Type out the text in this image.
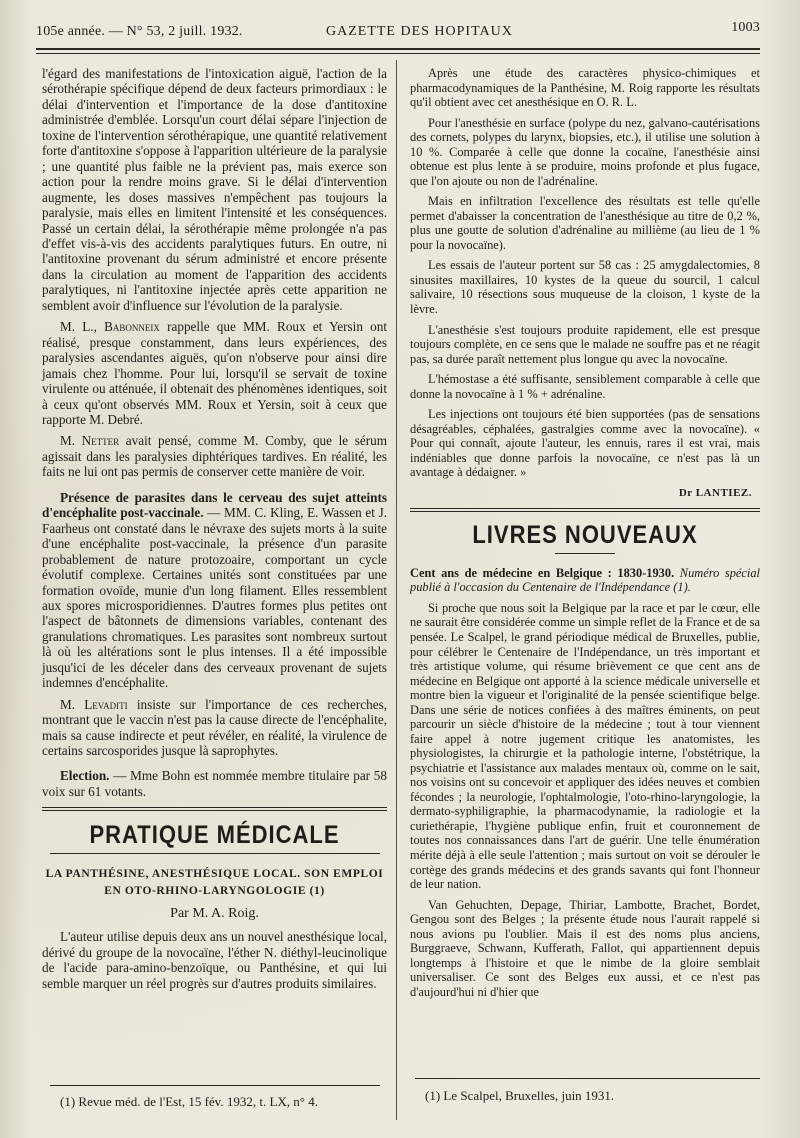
105e année. — N° 53, 2 juill. 1932.	GAZETTE DES HOPITAUX	1003

l'égard des manifestations de l'intoxication aiguë, l'action de la sérothérapie spécifique dépend de deux facteurs primordiaux : le délai d'intervention et l'importance de la dose d'antitoxine administrée d'emblée. Lorsqu'un court délai sépare l'injection de toxine de l'intervention sérothérapique, une quantité relativement forte d'antitoxine s'oppose à l'apparition ultérieure de la paralysie ; une quantité plus faible ne la prévient pas, mais exerce son action pour la rendre moins grave. Si le délai d'intervention augmente, les doses massives n'empêchent pas toujours la paralysie, mais elles en limitent l'intensité et les conséquences. Passé un certain délai, la sérothérapie même prolongée n'a pas d'effet vis-à-vis des accidents paralytiques futurs. En outre, ni l'antitoxine provenant du sérum administré et encore présente dans la circulation au moment de l'apparition des accidents paralytiques, ni l'antitoxine injectée après cette apparition ne semblent avoir d'influence sur l'évolution de la paralysie.

M. L., Babonneix rappelle que MM. Roux et Yersin ont réalisé, presque constamment, dans leurs expériences, des paralysies ascendantes aiguës, qu'on n'observe pour ainsi dire jamais chez l'homme. Pour lui, lorsqu'il se servait de toxine virulente ou atténuée, il obtenait des phénomènes identiques, soit à ceux qu'ont observés MM. Roux et Yersin, soit à ceux que rapporte M. Debré.

M. Netter avait pensé, comme M. Comby, que le sérum agissait dans les paralysies diphtériques tardives. En réalité, les faits ne lui ont pas permis de conserver cette manière de voir.

Présence de parasites dans le cerveau des sujet atteints d'encéphalite post-vaccinale. — MM. C. Kling, E. Wassen et J. Faarheus ont constaté dans le névraxe des sujets morts à la suite d'une encéphalite post-vaccinale, la présence d'un parasite probablement de nature protozoaire, comportant un cycle évolutif complexe. Certaines unités sont constituées par une formation ovoïde, munie d'un long filament. Elles ressemblent aux spores microsporidiennes. D'autres formes plus petites ont l'aspect de bâtonnets de dimensions variables, contenant des granulations chromatiques. Les parasites sont nombreux surtout là où les altérations sont le plus intenses. Il a été impossible jusqu'ici de les déceler dans des cerveaux provenant de sujets indemnes d'encéphalite.

M. Levaditi insiste sur l'importance de ces recherches, montrant que le vaccin n'est pas la cause directe de l'encéphalite, mais sa cause indirecte et peut révéler, en réalité, la virulence de certains sarcosporides jusque là saprophytes.

Election. — Mme Bohn est nommée membre titulaire par 58 voix sur 61 votants.

PRATIQUE MÉDICALE
LA PANTHÉSINE, ANESTHÉSIQUE LOCAL. SON EMPLOI
EN OTO-RHINO-LARYNGOLOGIE (1)
Par M. A. Roig.

L'auteur utilise depuis deux ans un nouvel anesthésique local, dérivé du groupe de la novocaïne, l'éther N. diéthyl-leucinolique de l'acide para-amino-benzoïque, ou Panthésine, et qui lui semble marquer un réel progrès sur d'autres produits similaires.

(1) Revue méd. de l'Est, 15 fév. 1932, t. LX, n° 4.

Après une étude des caractères physico-chimiques et pharmacodynamiques de la Panthésine, M. Roig rapporte les résultats qu'il obtient avec cet anesthésique en O. R. L.

Pour l'anesthésie en surface (polype du nez, galvano-cautérisations des cornets, polypes du larynx, biopsies, etc.), il utilise une solution à 10 %. Comparée à celle que donne la cocaïne, l'anesthésie ainsi obtenue est plus lente à se produire, moins profonde et plus fugace, que l'on ajoute ou non de l'adrénaline.

Mais en infiltration l'excellence des résultats est telle qu'elle permet d'abaisser la concentration de l'anesthésique au titre de 0,2 %, plus une goutte de solution d'adrénaline au millième (au lieu de 1 % pour la novocaïne).

Les essais de l'auteur portent sur 58 cas : 25 amygdalectomies, 8 sinusites maxillaires, 10 kystes de la queue du sourcil, 1 calcul salivaire, 10 résections sous muqueuse de la cloison, 1 kyste de la lèvre.

L'anesthésie s'est toujours produite rapidement, elle est presque toujours complète, en ce sens que le malade ne souffre pas et ne réagit pas, sa durée paraît nettement plus longue qu avec la novocaïne.

L'hémostase a été suffisante, sensiblement comparable à celle que donne la novocaïne à 1 % + adrénaline.

Les injections ont toujours été bien supportées (pas de sensations désagréables, céphalées, gastralgies comme avec la novocaïne). « Pour qui connaît, ajoute l'auteur, les ennuis, rares il est vrai, mais indéniables que donne parfois la novocaïne, ce n'est pas là un avantage à dédaigner. »

Dr LANTIEZ.
LIVRES NOUVEAUX

Cent ans de médecine en Belgique : 1830-1930. Numéro spécial publié à l'occasion du Centenaire de l'Indépendance (1).

Si proche que nous soit la Belgique par la race et par le cœur, elle ne saurait être considérée comme un simple reflet de la France et de sa pensée. Le Scalpel, le grand périodique médical de Bruxelles, publie, pour célébrer le Centenaire de l'Indépendance, un très important et très artistique volume, qui résume brièvement ce que cent ans de médecine en Belgique ont apporté à la science médicale universelle et montre bien la vigueur et l'originalité de la pensée scientifique belge. Dans une série de notices confiées à des maîtres éminents, on peut parcourir un siècle d'histoire de la médecine ; tout à tour viennent faire appel à notre jugement critique les anatomistes, les physiologistes, la chirurgie et la pathologie interne, l'obstétrique, la psychiatrie et l'assistance aux malades mentaux où, comme on le sait, nos voisins ont su concevoir et appliquer des idées neuves et combien fécondes ; la neurologie, l'ophtalmologie, l'oto-rhino-laryngologie, la dermato-syphiligraphie, la pharmacodynamie, la radiologie et la curiethérapie, l'hygiène publique enfin, fruit et couronnement de toutes nos connaissances dans l'art de guérir. Une telle énumération mérite déjà à elle seule l'attention ; mais surtout on voit se dérouler le cortège des grands médecins et des grands savants qui font l'honneur de leur nation.

Van Gehuchten, Depage, Thiriar, Lambotte, Brachet, Bordet, Gengou sont des Belges ; la présente étude nous l'aurait rappelé si nous avions pu l'oublier. Mais il est des noms plus anciens, Burggraeve, Schwann, Kufferath, Fallot, qui appartiennent depuis longtemps à l'histoire et que le nimbe de la gloire semblait universaliser. Ce sont des Belges eux aussi, et ce n'est pas d'aujourd'hui ni d'hier que

(1) Le Scalpel, Bruxelles, juin 1931.
